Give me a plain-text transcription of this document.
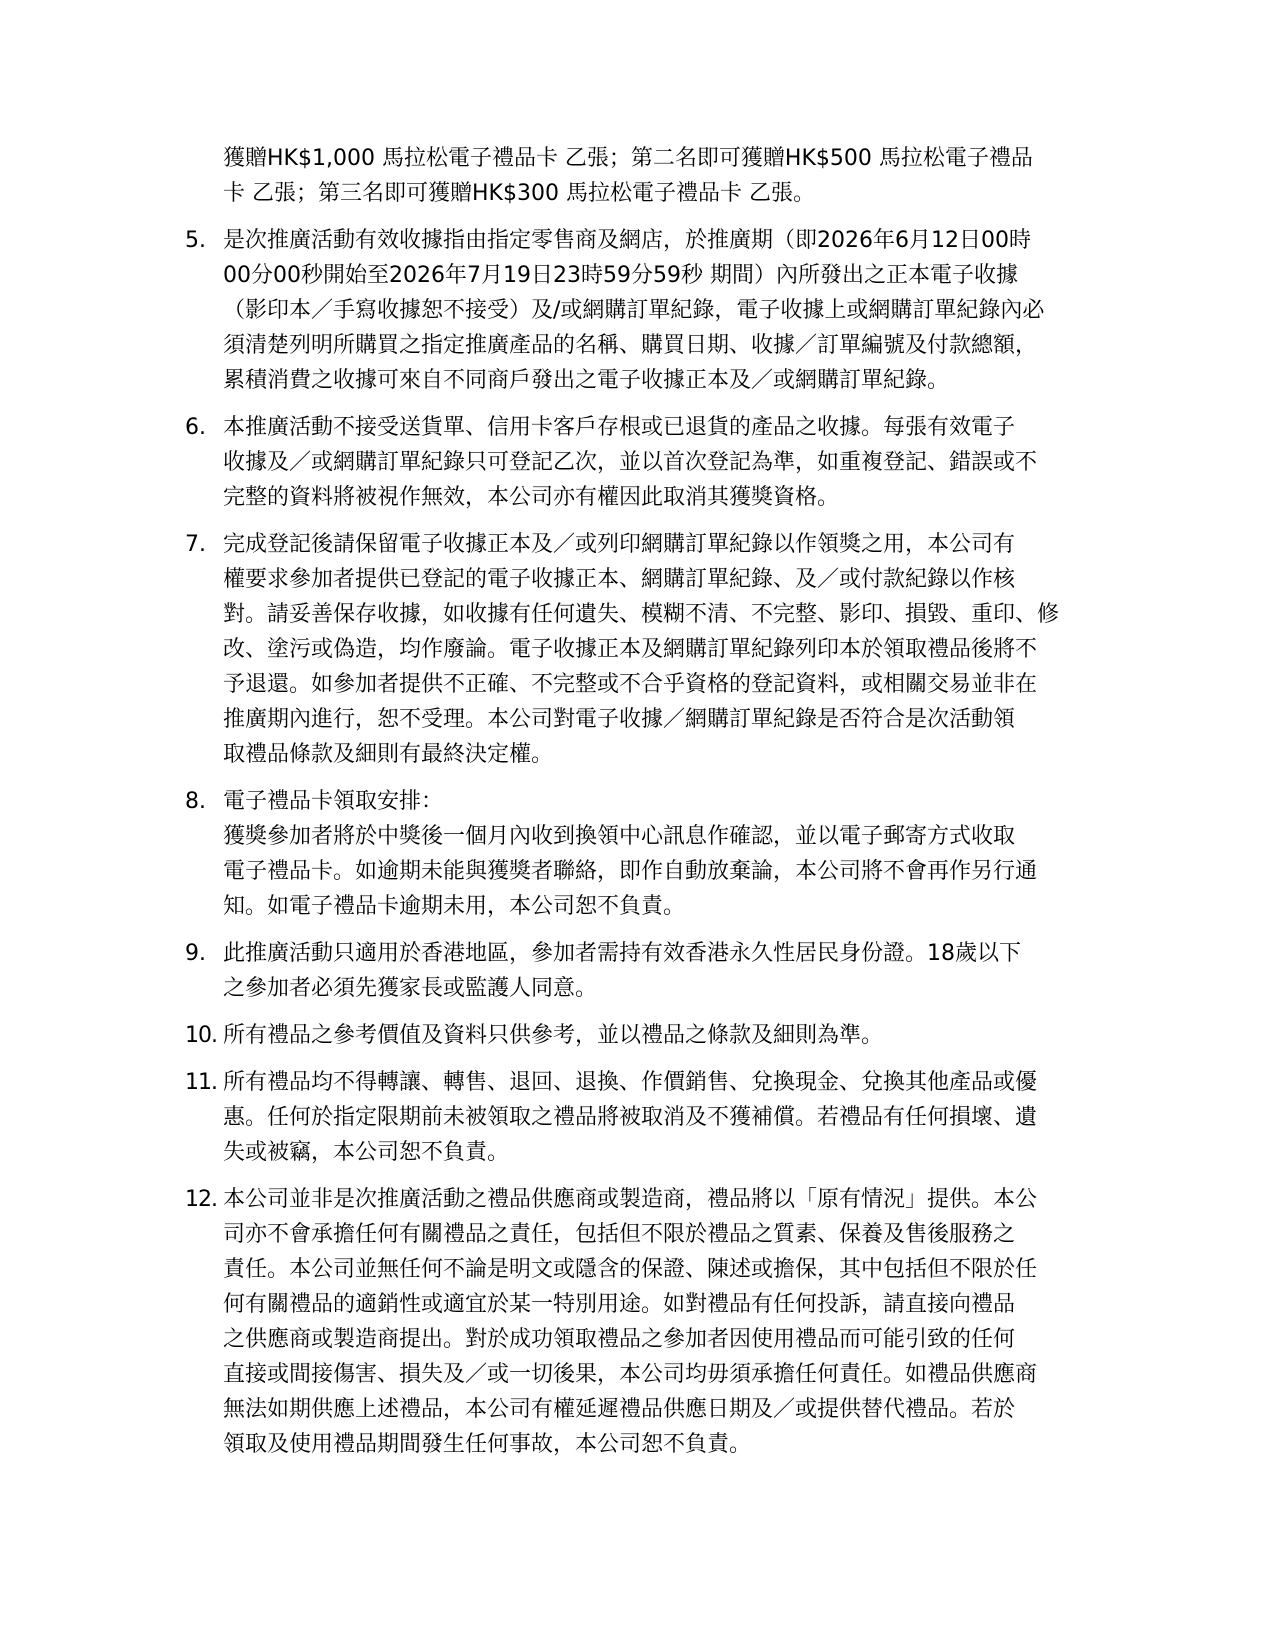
獲贈HK$1,000 馬拉松電子禮品卡 乙張；第二名即可獲贈HK$500 馬拉松電子禮品
卡 乙張；第三名即可獲贈HK$300 馬拉松電子禮品卡 乙張。
5. 是次推廣活動有效收據指由指定零售商及網店，於推廣期（即2026年6月12日00時
00分00秒開始至2026年7月19日23時59分59秒 期間）內所發出之正本電子收據
（影印本／手寫收據恕不接受）及/或網購訂單紀錄，電子收據上或網購訂單紀錄內必
須清楚列明所購買之指定推廣產品的名稱、購買日期、收據／訂單編號及付款總額，
累積消費之收據可來自不同商戶發出之電子收據正本及／或網購訂單紀錄。
6. 本推廣活動不接受送貨單、信用卡客戶存根或已退貨的產品之收據。每張有效電子
收據及／或網購訂單紀錄只可登記乙次，並以首次登記為準，如重複登記、錯誤或不
完整的資料將被視作無效，本公司亦有權因此取消其獲獎資格。
7. 完成登記後請保留電子收據正本及／或列印網購訂單紀錄以作領獎之用，本公司有
權要求參加者提供已登記的電子收據正本、網購訂單紀錄、及／或付款紀錄以作核
對。請妥善保存收據，如收據有任何遺失、模糊不清、不完整、影印、損毀、重印、修
改、塗污或偽造，均作廢論。電子收據正本及網購訂單紀錄列印本於領取禮品後將不
予退還。如參加者提供不正確、不完整或不合乎資格的登記資料，或相關交易並非在
推廣期內進行，恕不受理。本公司對電子收據／網購訂單紀錄是否符合是次活動領
取禮品條款及細則有最終決定權。
8. 電子禮品卡領取安排：
獲獎參加者將於中獎後一個月內收到換領中心訊息作確認，並以電子郵寄方式收取
電子禮品卡。如逾期未能與獲獎者聯絡，即作自動放棄論，本公司將不會再作另行通
知。如電子禮品卡逾期未用，本公司恕不負責。
9. 此推廣活動只適用於香港地區，參加者需持有效香港永久性居民身份證。18歲以下
之參加者必須先獲家長或監護人同意。
10. 所有禮品之參考價值及資料只供參考，並以禮品之條款及細則為準。
11. 所有禮品均不得轉讓、轉售、退回、退換、作價銷售、兌換現金、兌換其他產品或優
惠。任何於指定限期前未被領取之禮品將被取消及不獲補償。若禮品有任何損壞、遺
失或被竊，本公司恕不負責。
12. 本公司並非是次推廣活動之禮品供應商或製造商，禮品將以「原有情況」提供。本公
司亦不會承擔任何有關禮品之責任，包括但不限於禮品之質素、保養及售後服務之
責任。本公司並無任何不論是明文或隱含的保證、陳述或擔保，其中包括但不限於任
何有關禮品的適銷性或適宜於某一特別用途。如對禮品有任何投訴，請直接向禮品
之供應商或製造商提出。對於成功領取禮品之參加者因使用禮品而可能引致的任何
直接或間接傷害、損失及／或一切後果，本公司均毋須承擔任何責任。如禮品供應商
無法如期供應上述禮品，本公司有權延遲禮品供應日期及／或提供替代禮品。若於
領取及使用禮品期間發生任何事故，本公司恕不負責。
